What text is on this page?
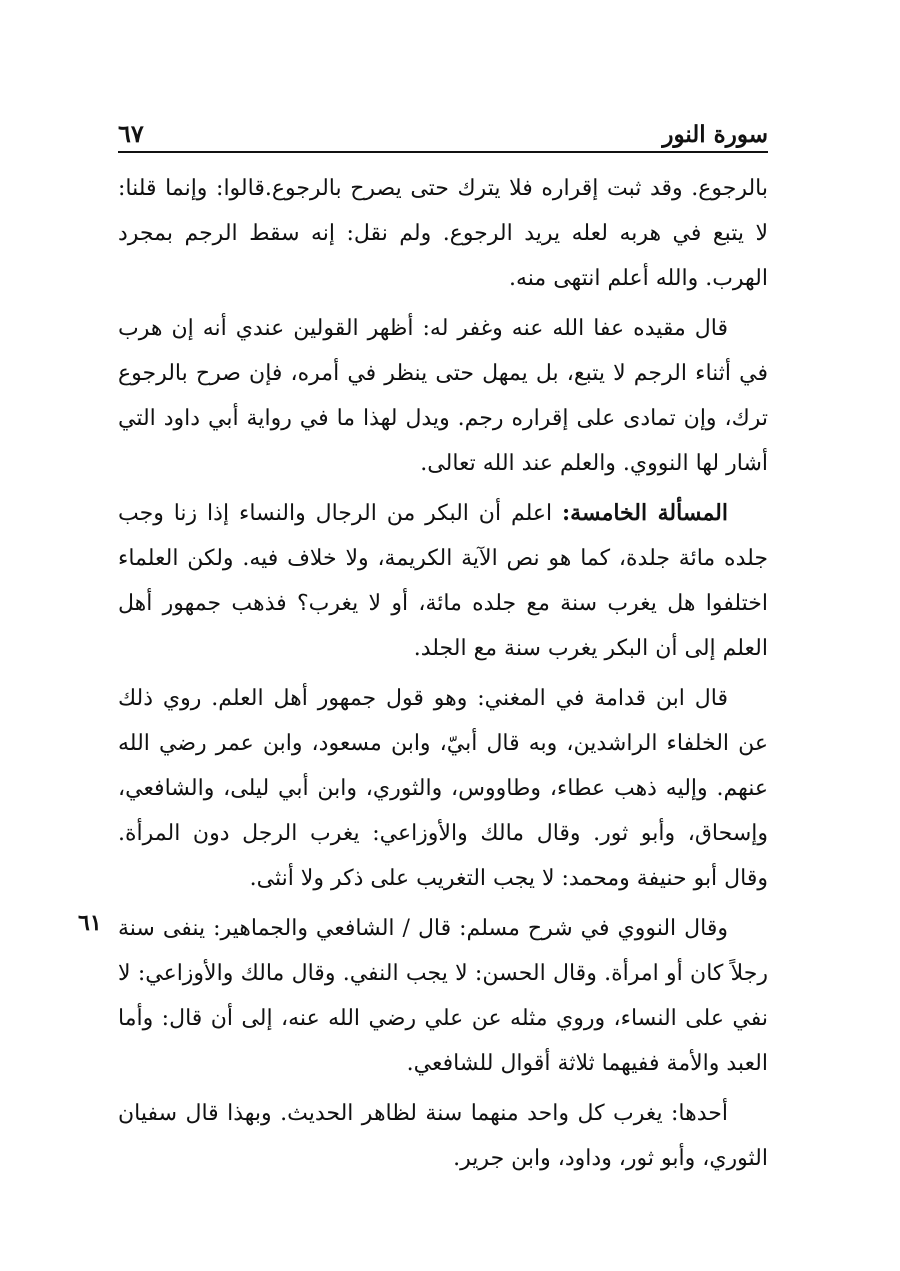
سورة النور
٦٧
٦١

بالرجوع. وقد ثبت إقراره فلا يترك حتى يصرح بالرجوع.قالوا: وإنما قلنا: لا يتبع في هربه لعله يريد الرجوع. ولم نقل: إنه سقط الرجم بمجرد الهرب. والله أعلم انتهى منه.

قال مقيده عفا الله عنه وغفر له: أظهر القولين عندي أنه إن هرب في أثناء الرجم لا يتبع، بل يمهل حتى ينظر في أمره، فإن صرح بالرجوع ترك، وإن تمادى على إقراره رجم. ويدل لهذا ما في رواية أبي داود التي أشار لها النووي. والعلم عند الله تعالى.

المسألة الخامسة: اعلم أن البكر من الرجال والنساء إذا زنا وجب جلده مائة جلدة، كما هو نص الآية الكريمة، ولا خلاف فيه. ولكن العلماء اختلفوا هل يغرب سنة مع جلده مائة، أو لا يغرب؟ فذهب جمهور أهل العلم إلى أن البكر يغرب سنة مع الجلد.

قال ابن قدامة في المغني: وهو قول جمهور أهل العلم. روي ذلك عن الخلفاء الراشدين، وبه قال أبيّ، وابن مسعود، وابن عمر رضي الله عنهم. وإليه ذهب عطاء، وطاووس، والثوري، وابن أبي ليلى، والشافعي، وإسحاق، وأبو ثور. وقال مالك والأوزاعي: يغرب الرجل دون المرأة. وقال أبو حنيفة ومحمد: لا يجب التغريب على ذكر ولا أنثى.

وقال النووي في شرح مسلم: قال / الشافعي والجماهير: ينفى سنة رجلاً كان أو امرأة. وقال الحسن: لا يجب النفي. وقال مالك والأوزاعي: لا نفي على النساء، وروي مثله عن علي رضي الله عنه، إلى أن قال: وأما العبد والأمة ففيهما ثلاثة أقوال للشافعي.

أحدها: يغرب كل واحد منهما سنة لظاهر الحديث. وبهذا قال سفيان الثوري، وأبو ثور، وداود، وابن جرير.
